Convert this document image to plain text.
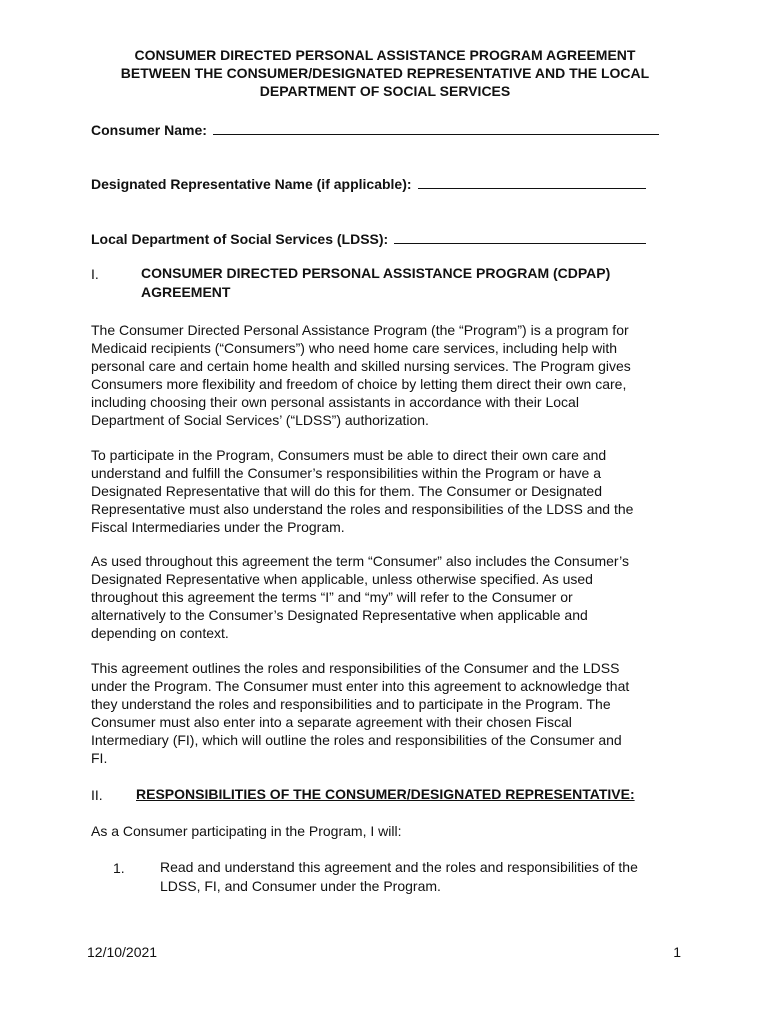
CONSUMER DIRECTED PERSONAL ASSISTANCE PROGRAM AGREEMENT
BETWEEN THE CONSUMER/DESIGNATED REPRESENTATIVE AND THE LOCAL
DEPARTMENT OF SOCIAL SERVICES
Consumer Name:
Designated Representative Name (if applicable):
Local Department of Social Services (LDSS):
I.	CONSUMER DIRECTED PERSONAL ASSISTANCE PROGRAM (CDPAP)
AGREEMENT
The Consumer Directed Personal Assistance Program (the “Program”) is a program for
Medicaid recipients (“Consumers”) who need home care services, including help with
personal care and certain home health and skilled nursing services. The Program gives
Consumers more flexibility and freedom of choice by letting them direct their own care,
including choosing their own personal assistants in accordance with their Local
Department of Social Services’ (“LDSS”) authorization.
To participate in the Program, Consumers must be able to direct their own care and
understand and fulfill the Consumer’s responsibilities within the Program or have a
Designated Representative that will do this for them. The Consumer or Designated
Representative must also understand the roles and responsibilities of the LDSS and the
Fiscal Intermediaries under the Program.
As used throughout this agreement the term “Consumer” also includes the Consumer’s
Designated Representative when applicable, unless otherwise specified. As used
throughout this agreement the terms “I” and “my” will refer to the Consumer or
alternatively to the Consumer’s Designated Representative when applicable and
depending on context.
This agreement outlines the roles and responsibilities of the Consumer and the LDSS
under the Program. The Consumer must enter into this agreement to acknowledge that
they understand the roles and responsibilities and to participate in the Program. The
Consumer must also enter into a separate agreement with their chosen Fiscal
Intermediary (FI), which will outline the roles and responsibilities of the Consumer and
FI.
II. RESPONSIBILITIES OF THE CONSUMER/DESIGNATED REPRESENTATIVE:
As a Consumer participating in the Program, I will:
1.	Read and understand this agreement and the roles and responsibilities of the
LDSS, FI, and Consumer under the Program.
12/10/2021	1
